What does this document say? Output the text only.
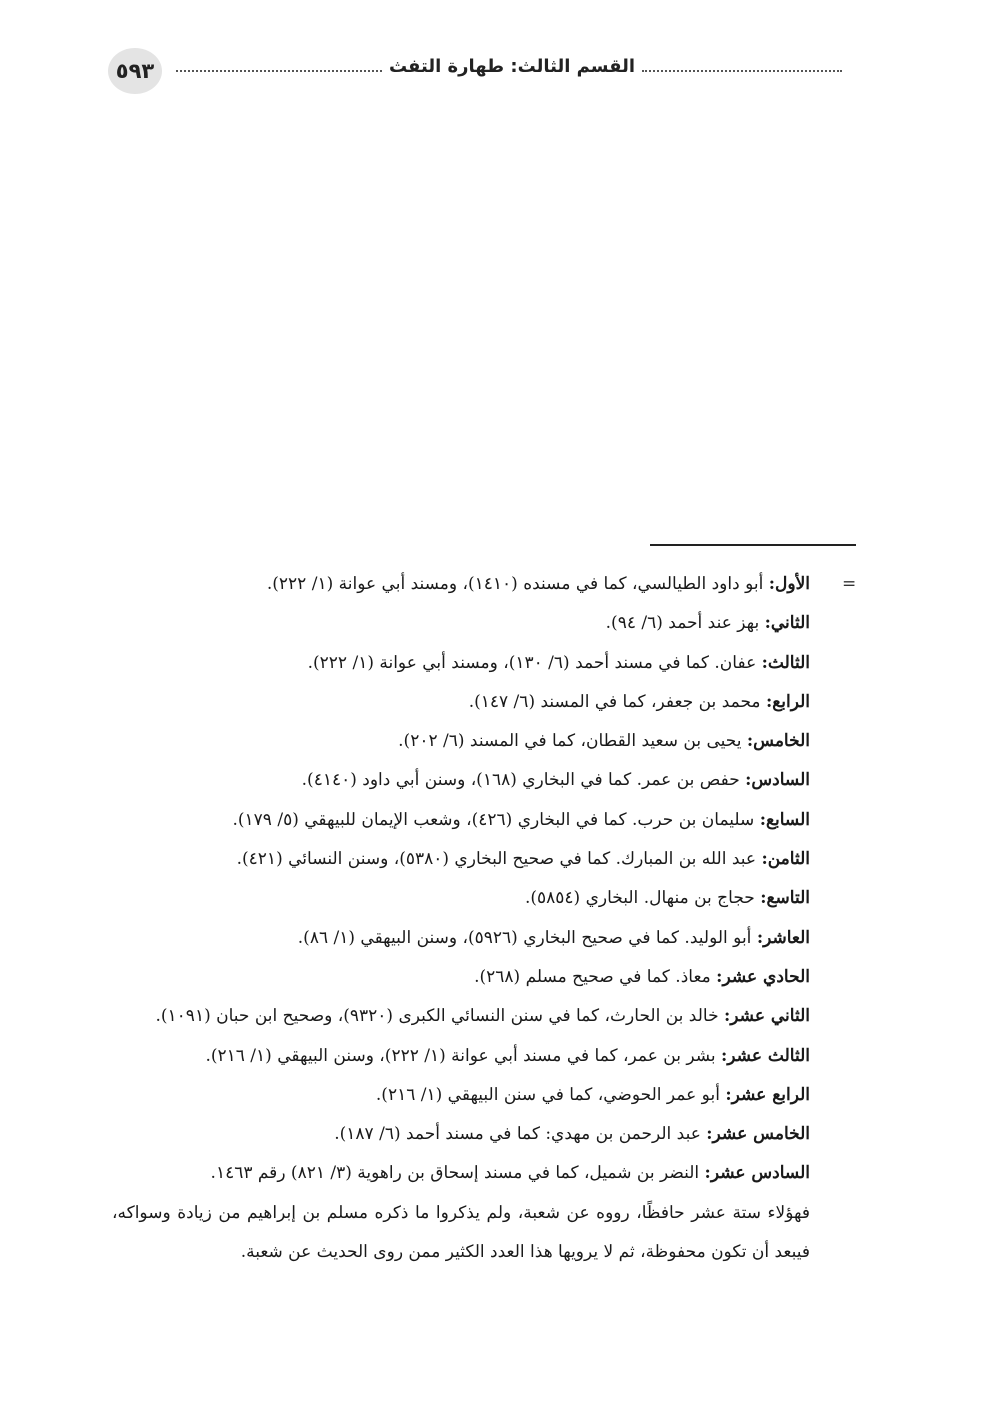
٥٩٣	القسم الثالث: طهارة التفث
=
الأول: أبو داود الطيالسي، كما في مسنده (١٤١٠)، ومسند أبي عوانة (١/ ٢٢٢).
الثاني: بهز عند أحمد (٦/ ٩٤).
الثالث: عفان. كما في مسند أحمد (٦/ ١٣٠)، ومسند أبي عوانة (١/ ٢٢٢).
الرابع: محمد بن جعفر، كما في المسند (٦/ ١٤٧).
الخامس: يحيى بن سعيد القطان، كما في المسند (٦/ ٢٠٢).
السادس: حفص بن عمر. كما في البخاري (١٦٨)، وسنن أبي داود (٤١٤٠).
السابع: سليمان بن حرب. كما في البخاري (٤٢٦)، وشعب الإيمان للبيهقي (٥/ ١٧٩).
الثامن: عبد الله بن المبارك. كما في صحيح البخاري (٥٣٨٠)، وسنن النسائي (٤٢١).
التاسع: حجاج بن منهال. البخاري (٥٨٥٤).
العاشر: أبو الوليد. كما في صحيح البخاري (٥٩٢٦)، وسنن البيهقي (١/ ٨٦).
الحادي عشر: معاذ. كما في صحيح مسلم (٢٦٨).
الثاني عشر: خالد بن الحارث، كما في سنن النسائي الكبرى (٩٣٢٠)، وصحيح ابن حبان (١٠٩١).
الثالث عشر: بشر بن عمر، كما في مسند أبي عوانة (١/ ٢٢٢)، وسنن البيهقي (١/ ٢١٦).
الرابع عشر: أبو عمر الحوضي، كما في سنن البيهقي (١/ ٢١٦).
الخامس عشر: عبد الرحمن بن مهدي: كما في مسند أحمد (٦/ ١٨٧).
السادس عشر: النضر بن شميل، كما في مسند إسحاق بن راهوية (٣/ ٨٢١) رقم ١٤٦٣.
فهؤلاء ستة عشر حافظًا، رووه عن شعبة، ولم يذكروا ما ذكره مسلم بن إبراهيم من زيادة وسواكه، فيبعد أن تكون محفوظة، ثم لا يرويها هذا العدد الكثير ممن روى الحديث عن شعبة.
